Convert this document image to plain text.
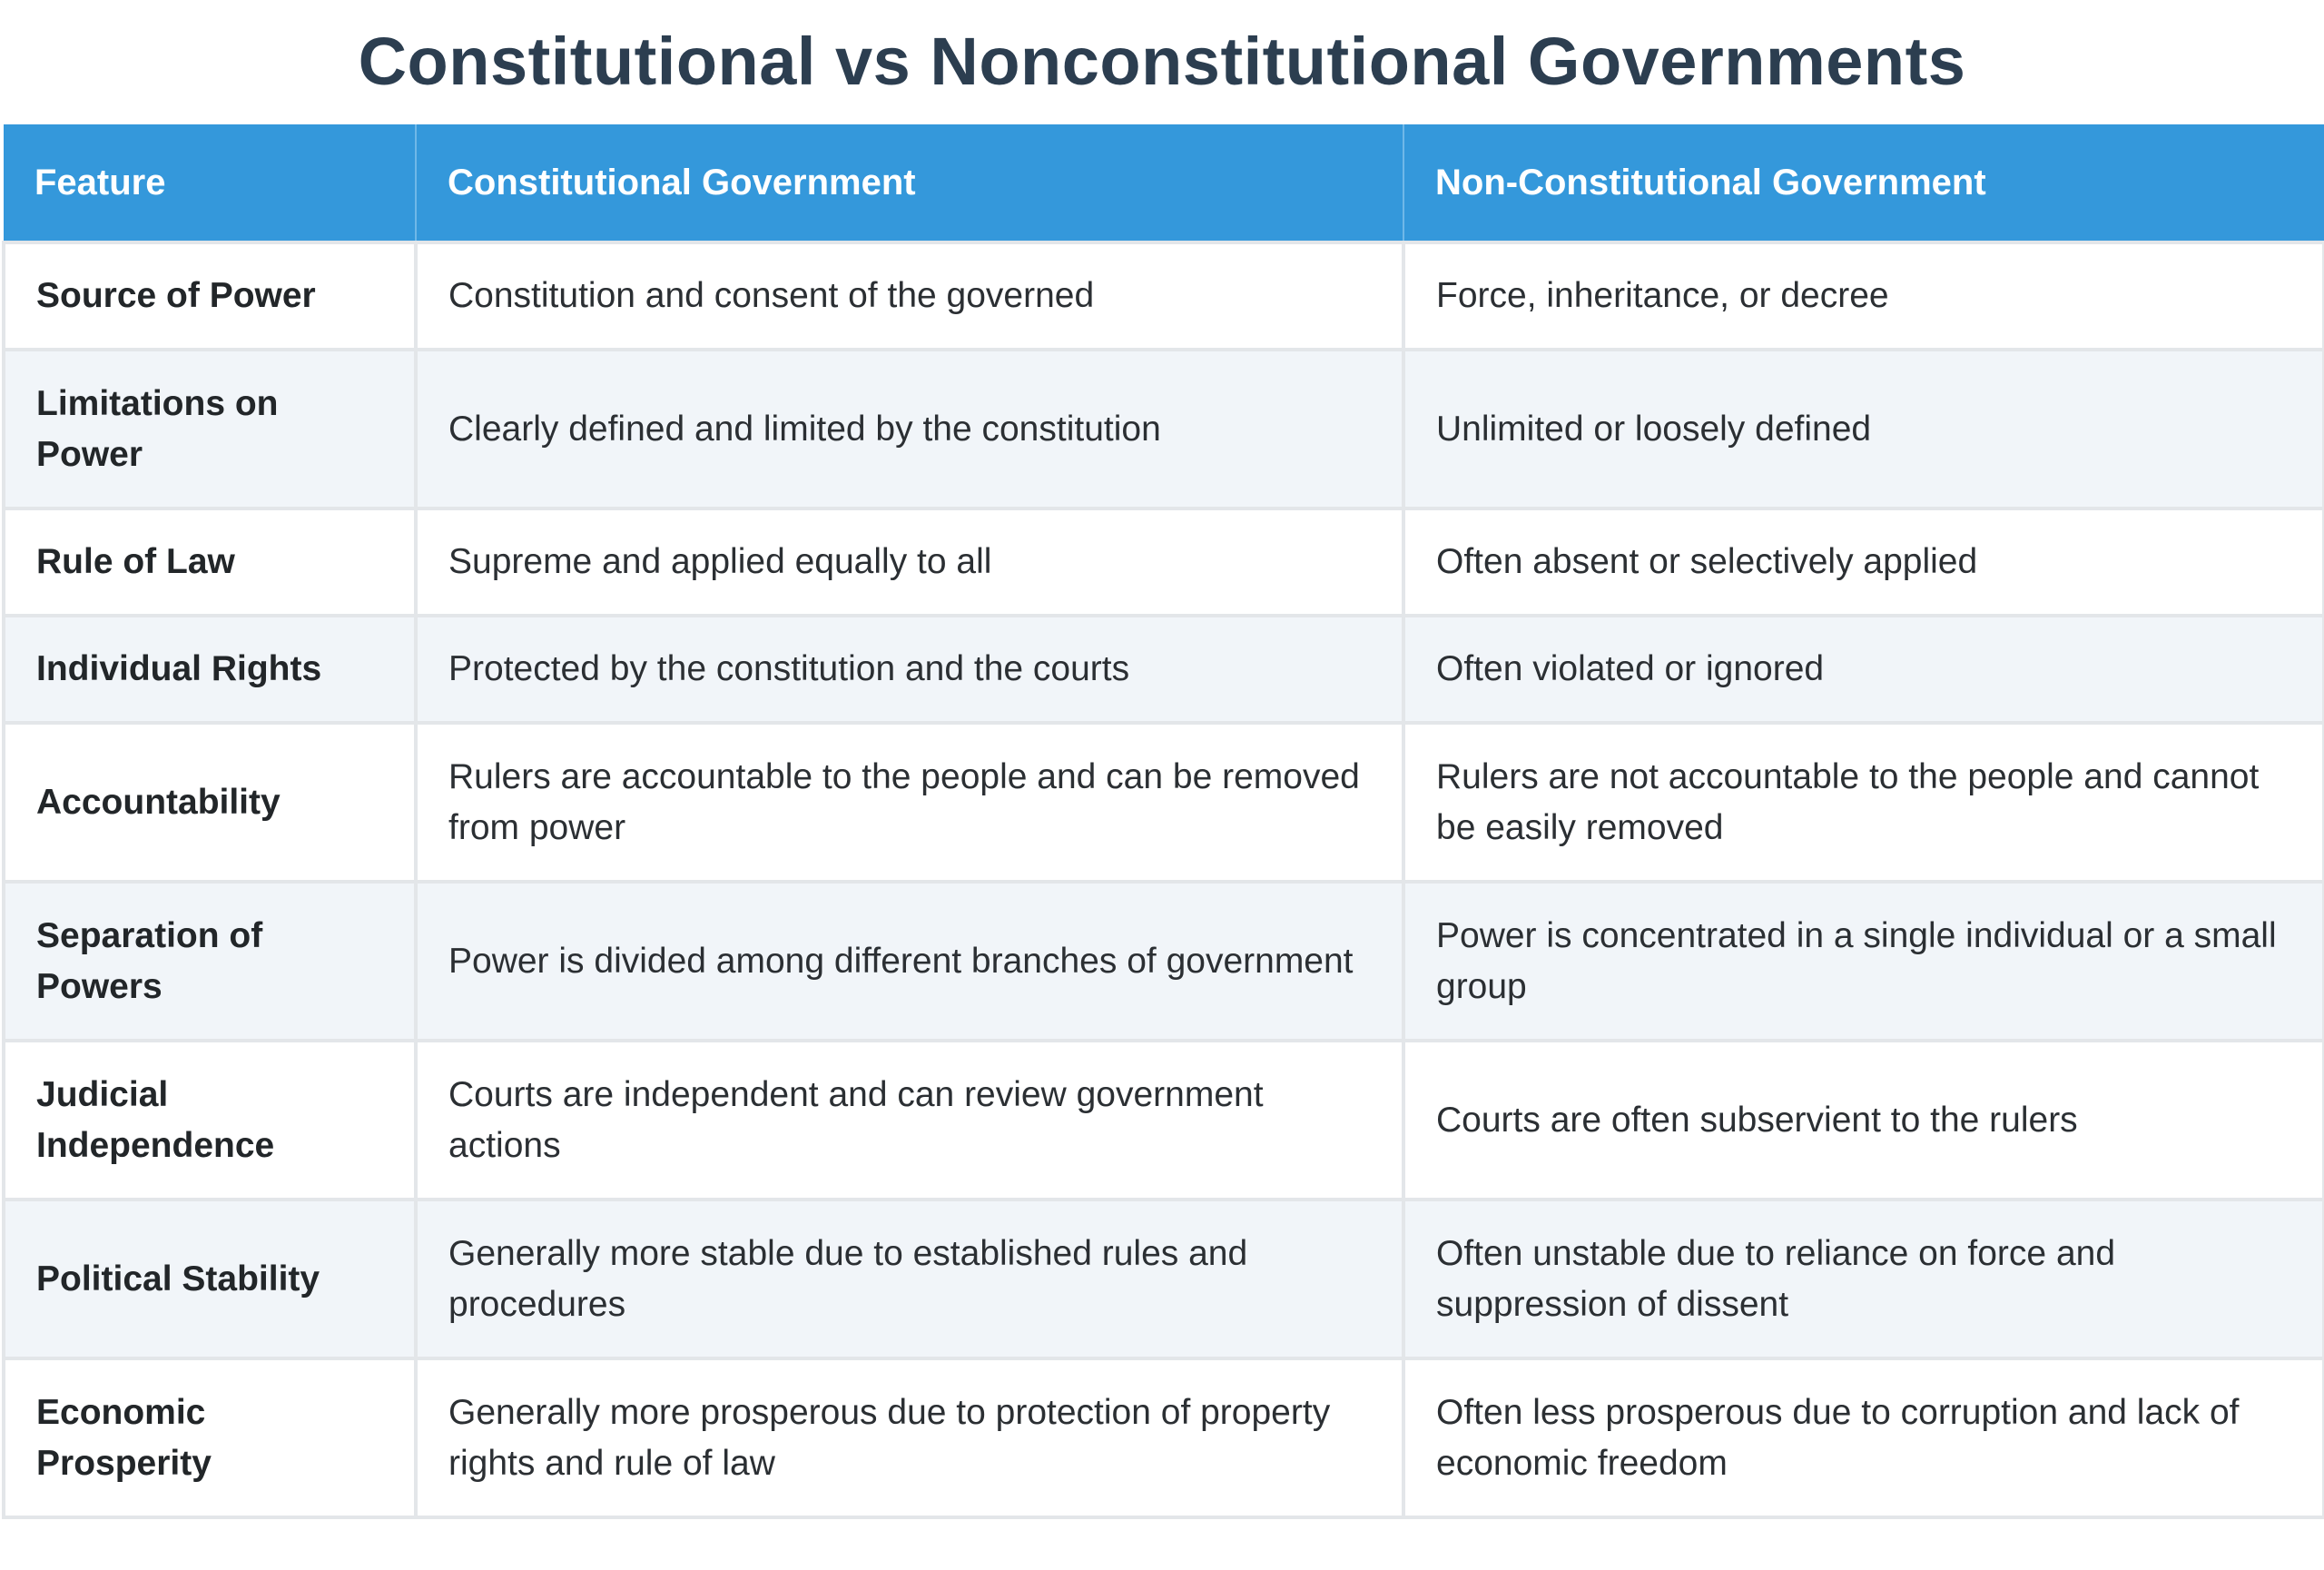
Constitutional vs Nonconstitutional Governments
Feature	Constitutional Government	Non-Constitutional Government
Source of Power	Constitution and consent of the governed	Force, inheritance, or decree
Limitations on Power	Clearly defined and limited by the constitution	Unlimited or loosely defined
Rule of Law	Supreme and applied equally to all	Often absent or selectively applied
Individual Rights	Protected by the constitution and the courts	Often violated or ignored
Accountability	Rulers are accountable to the people and can be removed from power	Rulers are not accountable to the people and cannot be easily removed
Separation of Powers	Power is divided among different branches of government	Power is concentrated in a single individual or a small group
Judicial Independence	Courts are independent and can review government actions	Courts are often subservient to the rulers
Political Stability	Generally more stable due to established rules and procedures	Often unstable due to reliance on force and suppression of dissent
Economic Prosperity	Generally more prosperous due to protection of property rights and rule of law	Often less prosperous due to corruption and lack of economic freedom
